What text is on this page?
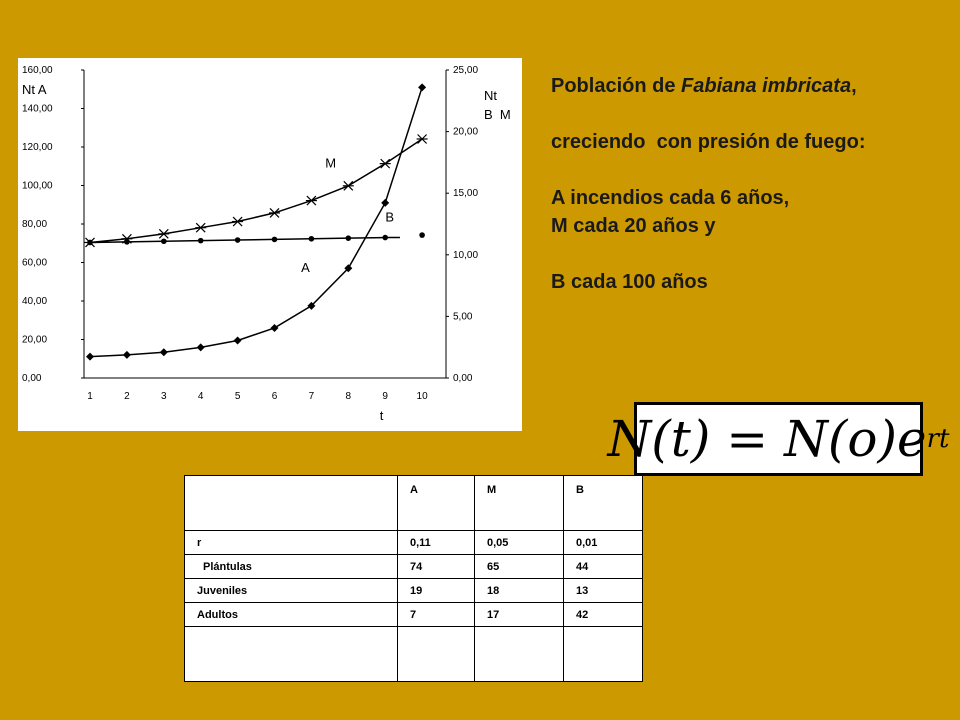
0,00
20,00
40,00
60,00
80,00
100,00
120,00
140,00
160,00
0,00
5,00
10,00
15,00
20,00
25,00
1	2	3	4	5	6	7	8	9	10
t
Nt A	Nt
B  M
A
M
B
Población de Fabiana imbricata,
creciendo  con presión de fuego:
A incendios cada 6 años,
M cada 20 años y
B cada 100 años
N(t) = N(o)e rt
	A	M	B
r	0,11	0,05	0,01
Plántulas	74	65	44
Juveniles	19	18	13
Adultos	7	17	42
